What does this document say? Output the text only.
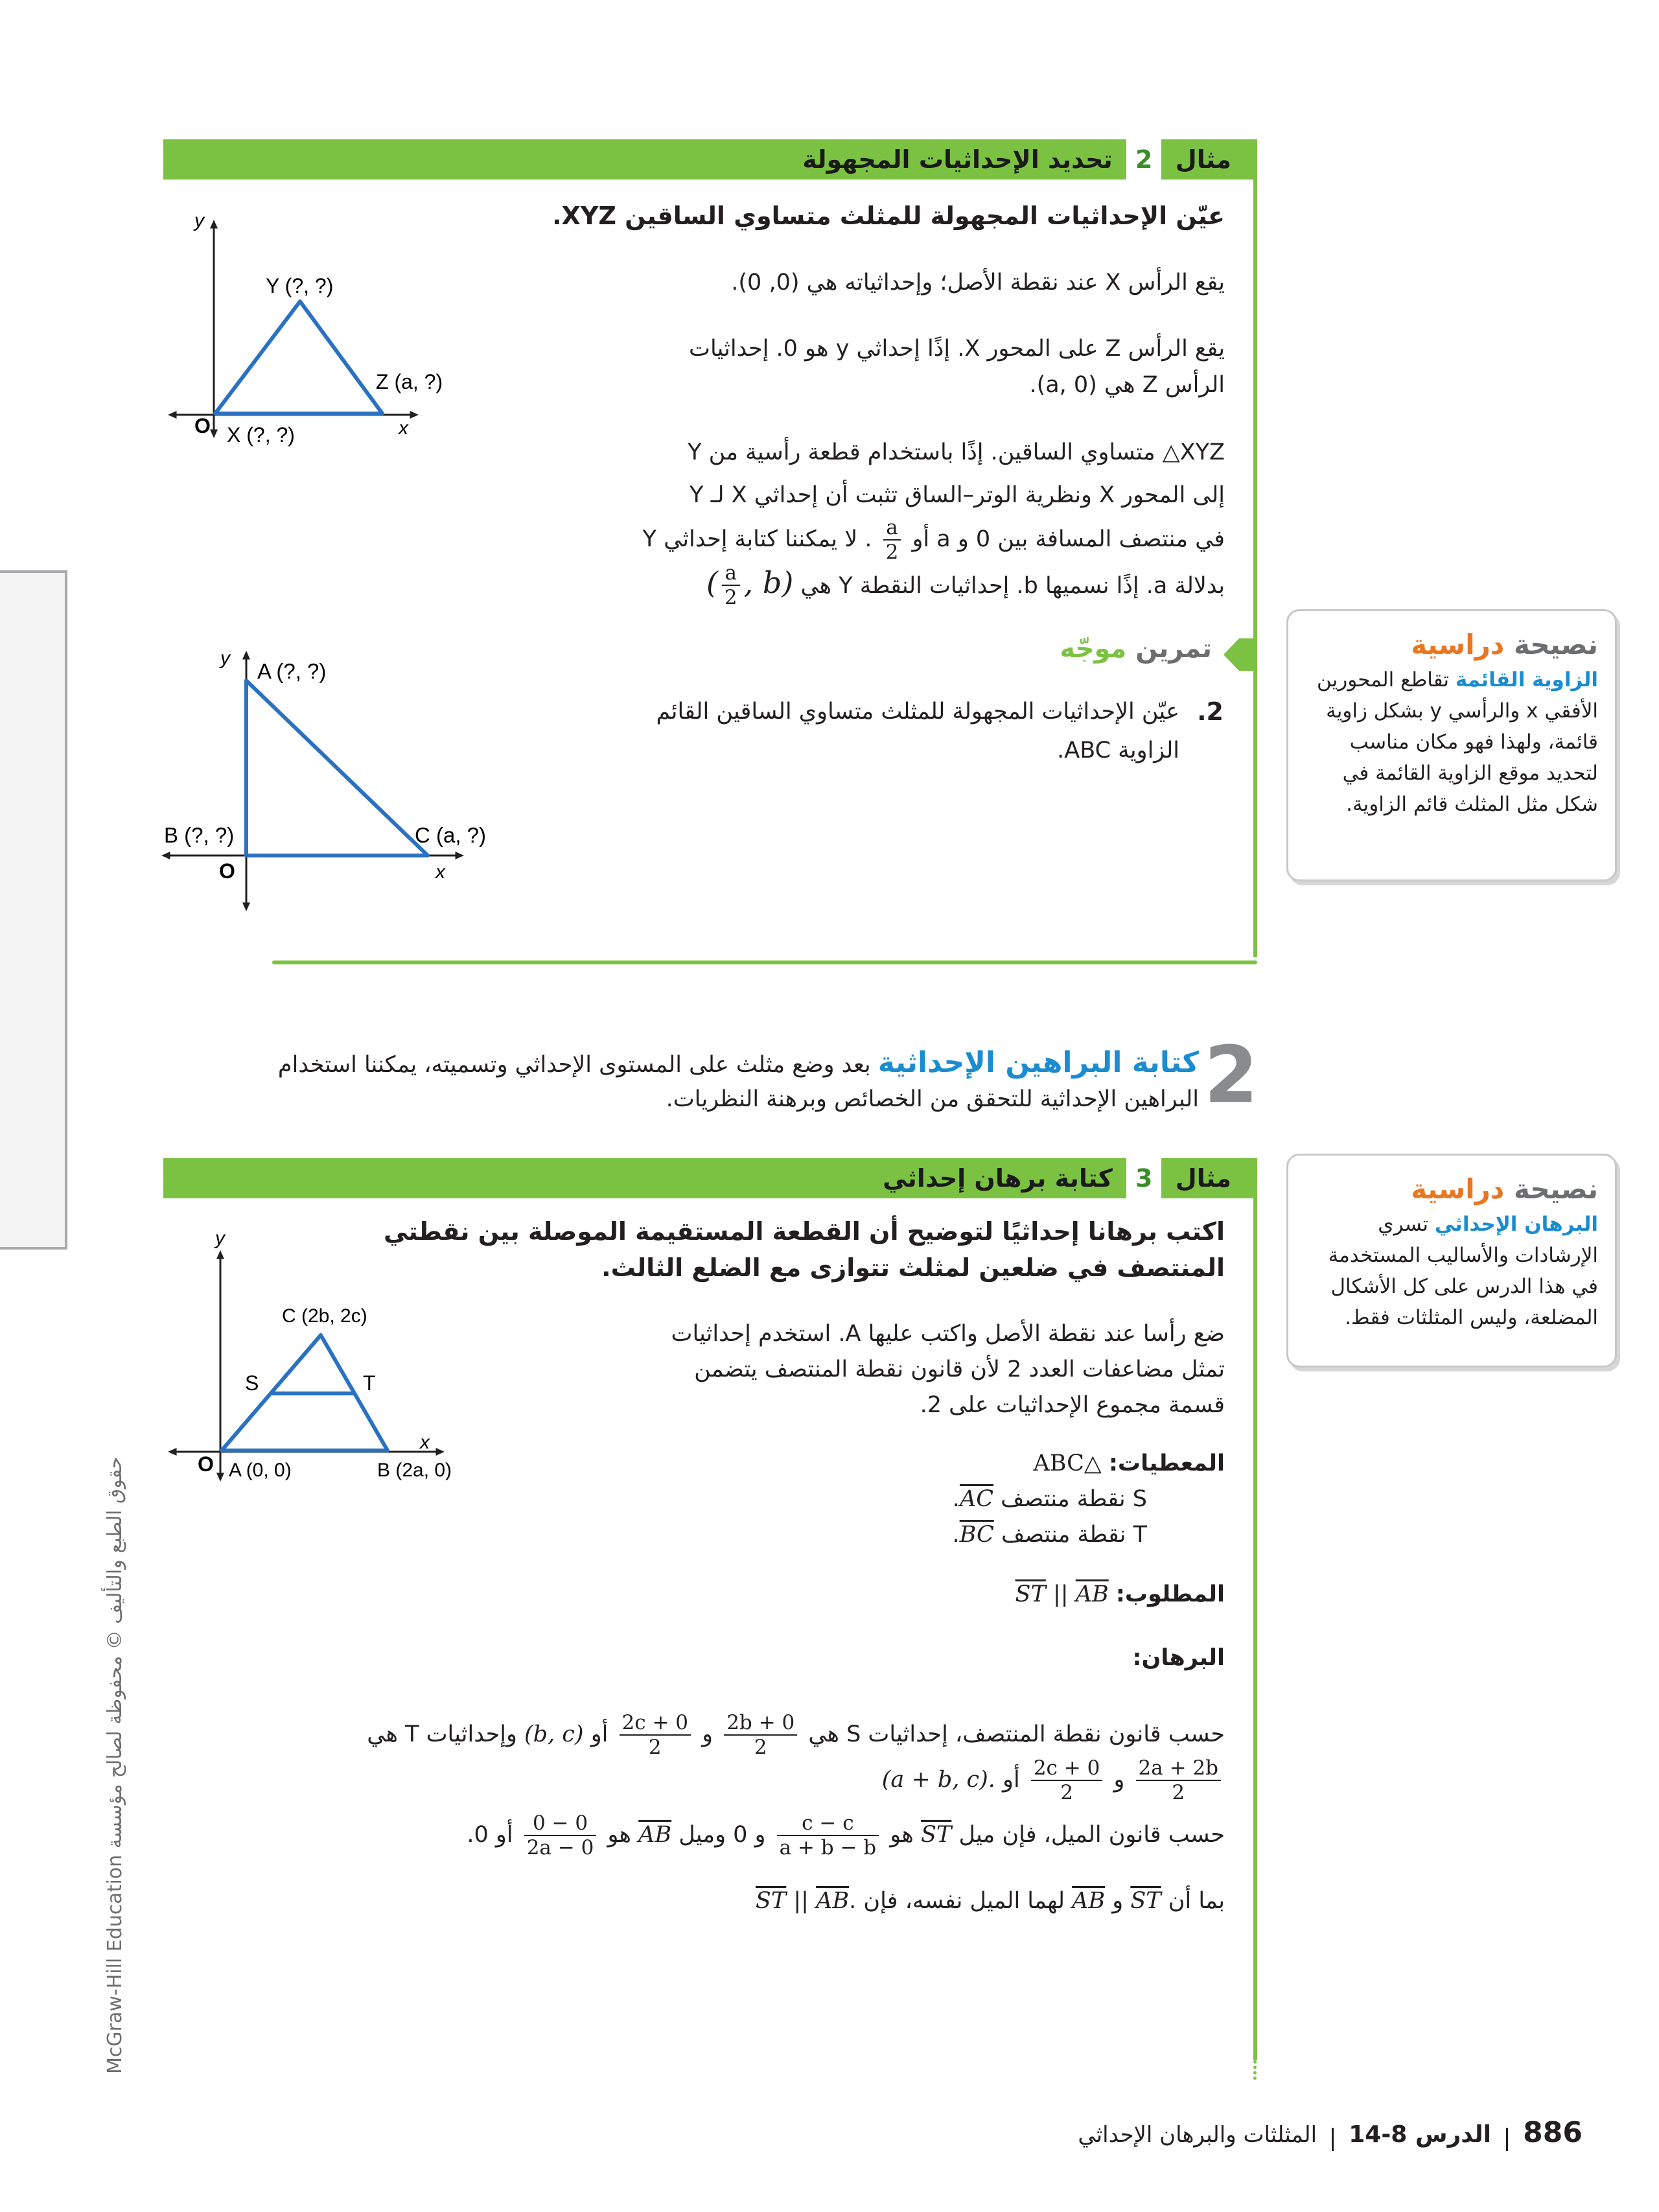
حقوق الطبع والتأليف © محفوظة لصالح مؤسسة McGraw-Hill Education
مثال 2 تحديد الإحداثيات المجهولة
عيّن الإحداثيات المجهولة للمثلث متساوي الساقين XYZ.
يقع الرأس X عند نقطة الأصل؛ وإحداثياته هي (0, 0).
يقع الرأس Z على المحور X. إذًا إحداثي y هو 0. إحداثيات
الرأس Z هي (a, 0).
XYZ△ متساوي الساقين. إذًا باستخدام قطعة رأسية من Y
إلى المحور X ونظرية الوتر–الساق تثبت أن إحداثي X لـ Y
في منتصف المسافة بين 0 و a أو
$\frac{a}{2}$
. لا يمكننا كتابة إحداثي Y
بدلالة a. إذًا نسميها b. إحداثيات النقطة Y هي ( $\frac{a}{2}$ , b)
y
x
O
Y (?, ?)
Z (a, ?)
X (?, ?)
تمرين موجّه
2.
عيّن الإحداثيات المجهولة للمثلث متساوي الساقين القائم
الزاوية ABC.
y
x
O
A (?, ?)
B (?, ?)	C (a, ?)
نصيحة دراسية
الزاوية القائمة تقاطع المحورين الأفقي x والرأسي y بشكل زاوية قائمة، ولهذا فهو مكان مناسب لتحديد موقع الزاوية القائمة في شكل مثل المثلث قائم الزاوية.
2
كتابة البراهين الإحداثية بعد وضع مثلث على المستوى الإحداثي وتسميته، يمكننا استخدام
البراهين الإحداثية للتحقق من الخصائص وبرهنة النظريات.
مثال 3 كتابة برهان إحداثي
اكتب برهانا إحداثيًا لتوضيح أن القطعة المستقيمة الموصلة بين نقطتي
المنتصف في ضلعين لمثلث تتوازى مع الضلع الثالث.
ضع رأسا عند نقطة الأصل واكتب عليها A. استخدم إحداثيات
تمثل مضاعفات العدد 2 لأن قانون نقطة المنتصف يتضمن
قسمة مجموع الإحداثيات على 2.
المعطيات: △ABC
S نقطة منتصف AC.
T نقطة منتصف BC.
المطلوب: $\overline{ST}$ || $\overline{AB}$
البرهان:
حسب قانون نقطة المنتصف، إحداثيات S هي
$\frac{2b + 0}{2}$
و
$\frac{2c + 0}{2}$
أو (b, c) وإحداثيات T هي
$\frac{2a + 2b}{2}$
و
$\frac{0 + 2c}{2}$
أو (a + b, c).
حسب قانون الميل، فإن ميل ST هو
$\frac{c - c}{a + b - b}$
و 0 وميل AB هو
$\frac{0 - 0}{2a - 0}$
أو 0.
بما أن ST و AB لهما الميل نفسه، فإن $\overline{ST}$ || $\overline{AB}$.
y
x
O
C (2b, 2c)
S	T
A (0, 0)	B (2a, 0)
نصيحة دراسية
البرهان الإحداثي تسري الإرشادات والأساليب المستخدمة في هذا الدرس على كل الأشكال المضلعة، وليس المثلثات فقط.
886  الدرس 8-14  المثلثات والبرهان الإحداثي
